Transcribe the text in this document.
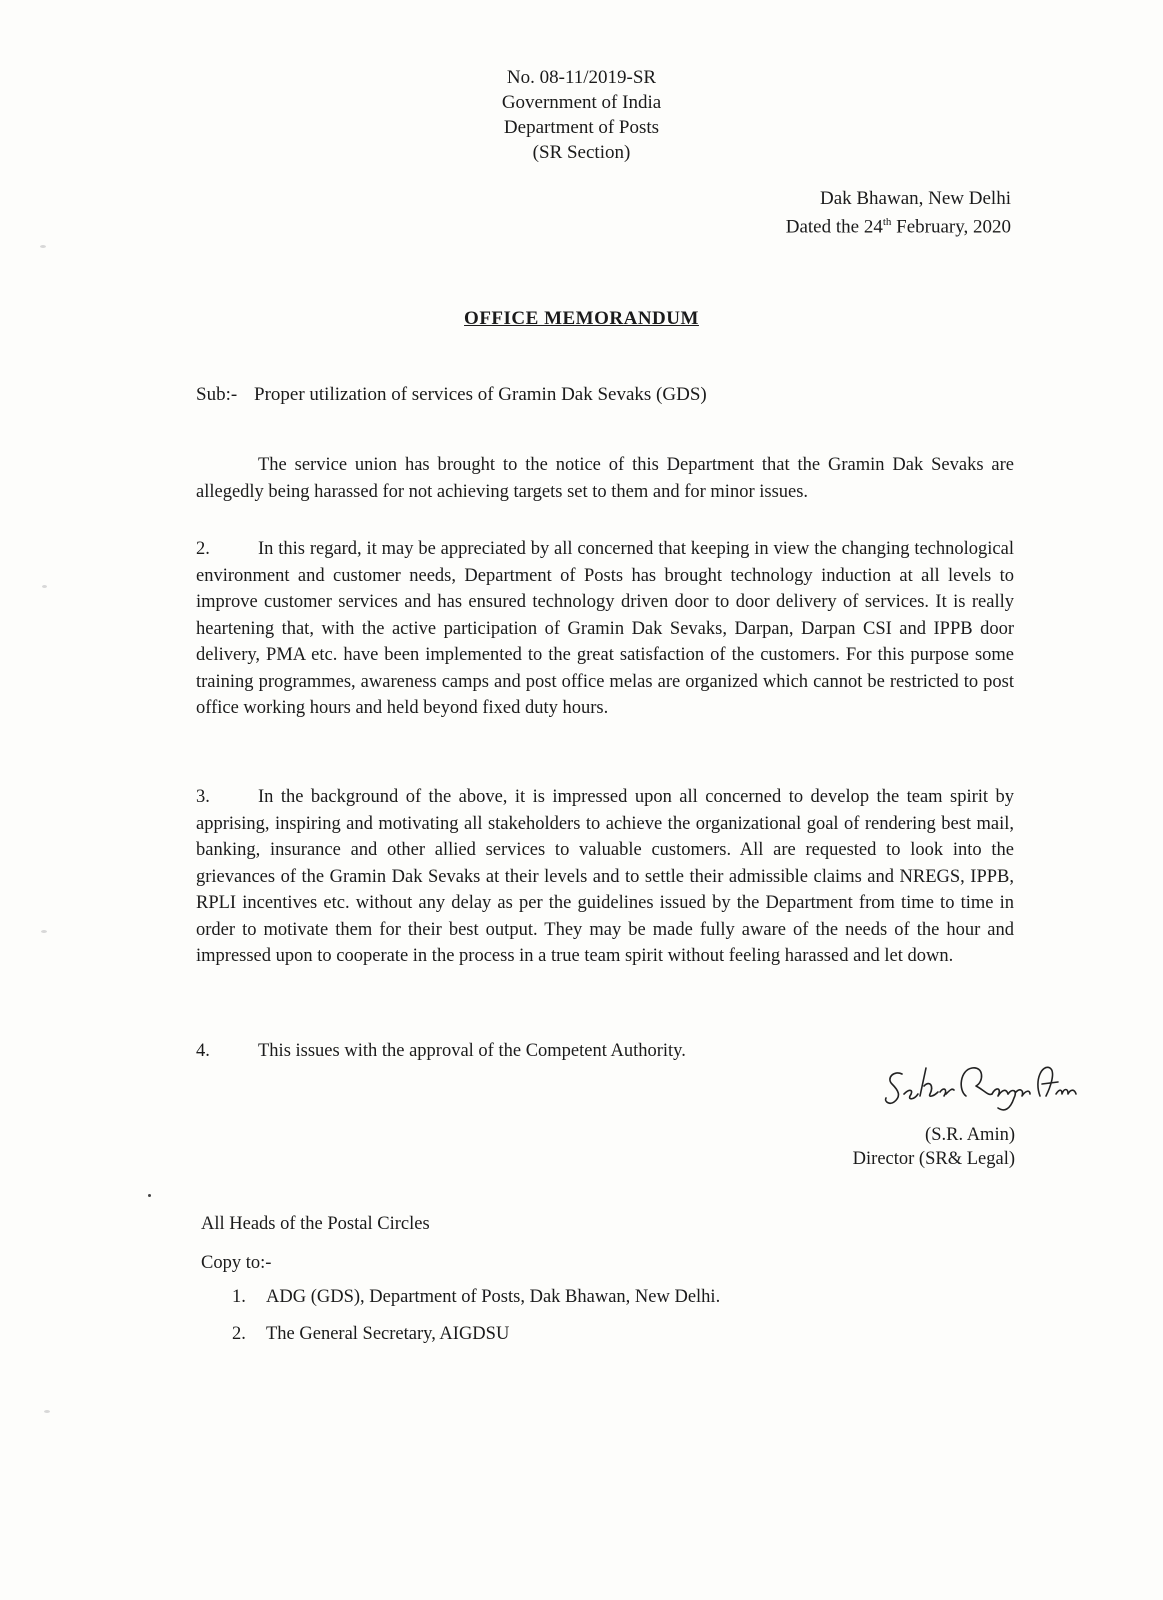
No. 08-11/2019-SR
Government of India
Department of Posts
(SR Section)
Dak Bhawan, New Delhi
Dated the 24th February, 2020
OFFICE MEMORANDUM
Sub:- Proper utilization of services of Gramin Dak Sevaks (GDS)
The service union has brought to the notice of this Department that the Gramin Dak Sevaks are allegedly being harassed for not achieving targets set to them and for minor issues.
2.	In this regard, it may be appreciated by all concerned that keeping in view the changing technological environment and customer needs, Department of Posts has brought technology induction at all levels to improve customer services and has ensured technology driven door to door delivery of services. It is really heartening that, with the active participation of Gramin Dak Sevaks, Darpan, Darpan CSI and IPPB door delivery, PMA etc. have been implemented to the great satisfaction of the customers. For this purpose some training programmes, awareness camps and post office melas are organized which cannot be restricted to post office working hours and held beyond fixed duty hours.
3.	In the background of the above, it is impressed upon all concerned to develop the team spirit by apprising, inspiring and motivating all stakeholders to achieve the organizational goal of rendering best mail, banking, insurance and other allied services to valuable customers. All are requested to look into the grievances of the Gramin Dak Sevaks at their levels and to settle their admissible claims and NREGS, IPPB, RPLI incentives etc. without any delay as per the guidelines issued by the Department from time to time in order to motivate them for their best output. They may be made fully aware of the needs of the hour and impressed upon to cooperate in the process in a true team spirit without feeling harassed and let down.
4.	This issues with the approval of the Competent Authority.
(S.R. Amin)
Director (SR& Legal)
All Heads of the Postal Circles
Copy to:-
1. ADG (GDS), Department of Posts, Dak Bhawan, New Delhi.
2. The General Secretary, AIGDSU
